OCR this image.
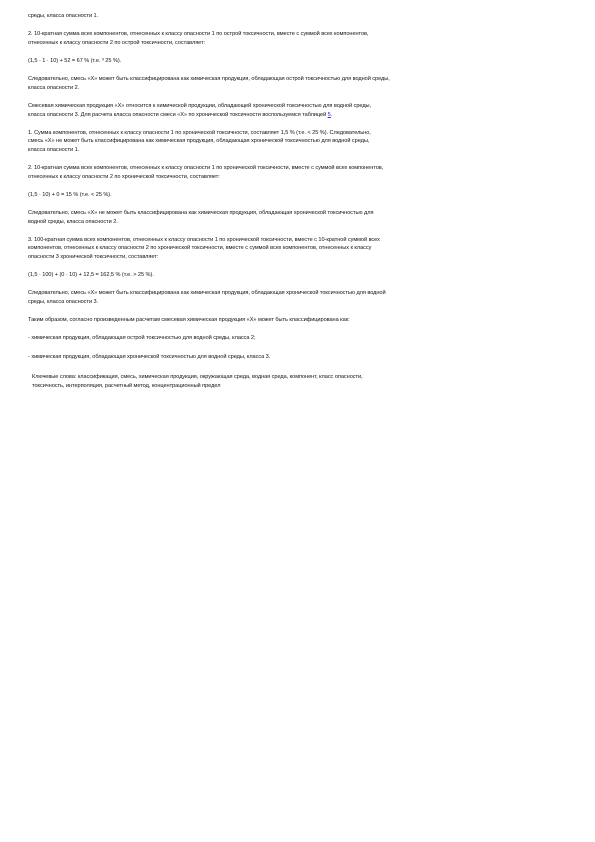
среды, класса опасности 1.

2. 10-кратная сумма всех компонентов, отнесенных к классу опасности 1 по острой токсичности, вместе с суммой всех компонентов,
отнесенных к классу опасности 2 по острой токсичности, составляет:

(1,5 · 1 · 10) + 52 = 67 % (т.е. ³ 25 %).

Следовательно, смесь «Х» может быть классифицирована как химическая продукция, обладающая острой токсичностью для водной среды,
класса опасности 2.

Смесевая химическая продукция «Х» относится к химической продукции, обладающей хронической токсичностью для водной среды,
класса опасности 3. Для расчета класса опасности смеси «Х» по хронической токсичности воспользуемся таблицей 5.

1. Сумма компонентов, отнесенных к классу опасности 1 по хронической токсичности, составляет 1,5 % (т.е. < 25 %). Следовательно,
смесь «Х» не может быть классифицирована как химическая продукция, обладающая хронической токсичностью для водной среды,
класса опасности 1.

2. 10-кратная сумма всех компонентов, отнесенных к классу опасности 1 по хронической токсичности, вместе с суммой всех компонентов,
отнесенных к классу опасности 2 по хронической токсичности, составляет:

(1,5 · 10) + 0 = 15 % (т.е. < 25 %).

Следовательно, смесь «Х» не может быть классифицирована как химическая продукция, обладающая хронической токсичностью для
водной среды, класса опасности 2.

3. 100-кратная сумма всех компонентов, отнесенных к классу опасности 1 по хронической токсичности, вместе с 10-кратной суммой всех
компонентов, отнесенных к классу опасности 2 по хронической токсичности, вместе с суммой всех компонентов, отнесенных к классу
опасности 3 хронической токсичности, составляет:

(1,5 · 100) + (0 · 10) + 12,5 = 162,5 % (т.е. > 25 %).

Следовательно, смесь «Х» может быть классифицирована как химическая продукция, обладающая хронической токсичностью для водной
среды, класса опасности 3.

Таким образом, согласно произведенным расчетам смесевая химическая продукция «Х» может быть классифицирована как:

- химическая продукция, обладающая острой токсичностью для водной среды, класса 2;

- химическая продукция, обладающая хронической токсичностью для водной среды, класса 3.

Ключевые слова: классификация, смесь, химическая продукция, окружающая среда, водная среда, компонент, класс опасности,
токсичность, интерполяция, расчетный метод, концентрационный предел
